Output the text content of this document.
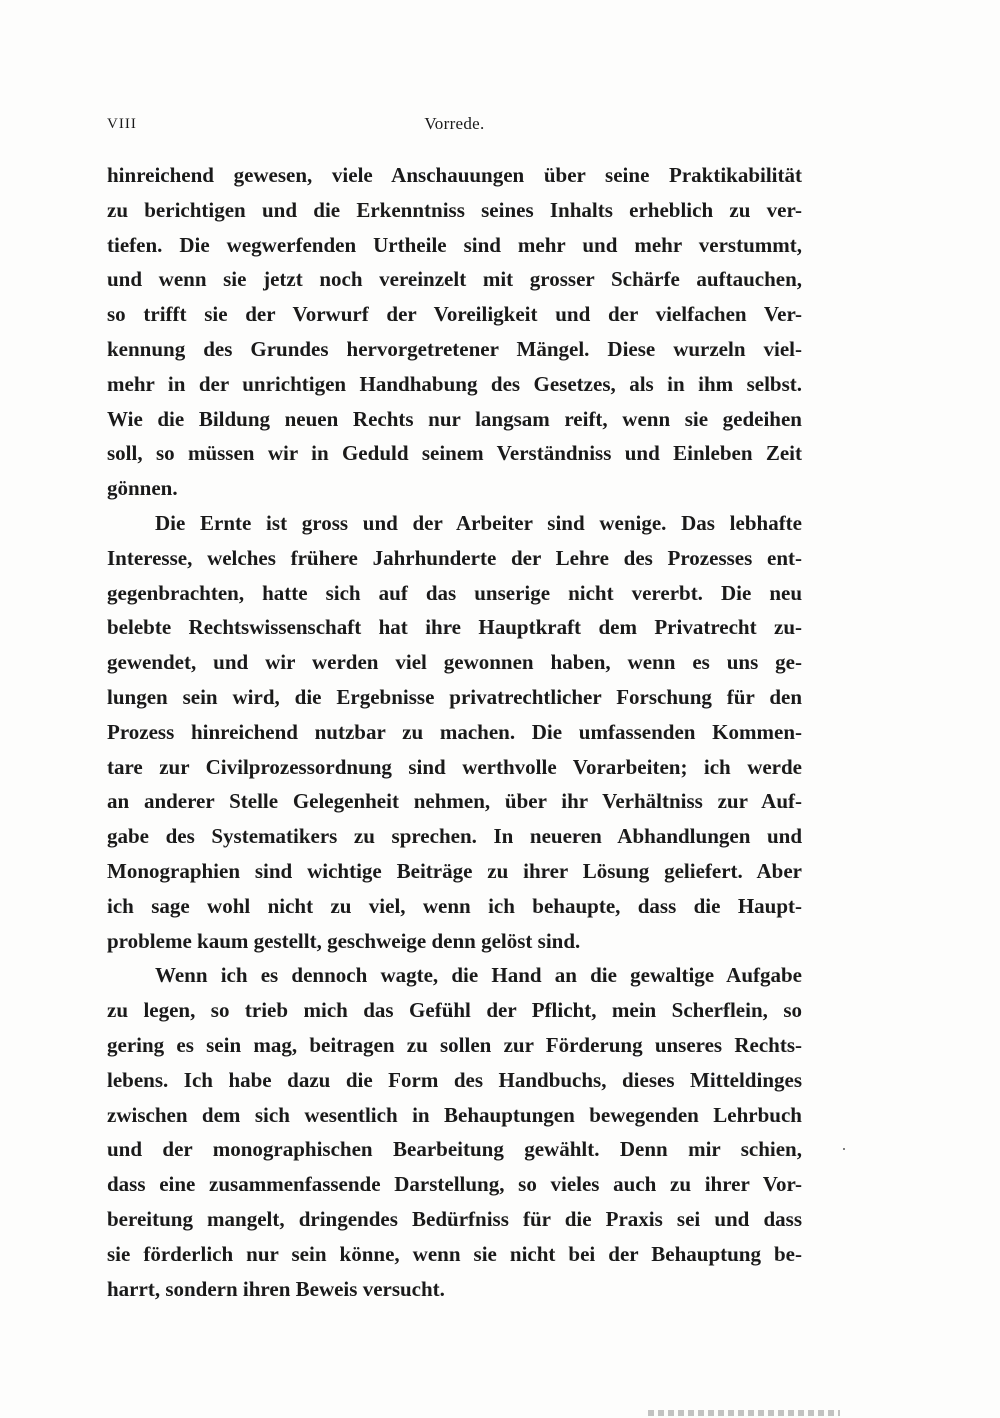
VIII	Vorrede.
hinreichend gewesen, viele Anschauungen über seine Praktikabilität
zu berichtigen und die Erkenntniss seines Inhalts erheblich zu ver-
tiefen. Die wegwerfenden Urtheile sind mehr und mehr verstummt,
und wenn sie jetzt noch vereinzelt mit grosser Schärfe auftauchen,
so trifft sie der Vorwurf der Voreiligkeit und der vielfachen Ver-
kennung des Grundes hervorgetretener Mängel. Diese wurzeln viel-
mehr in der unrichtigen Handhabung des Gesetzes, als in ihm selbst.
Wie die Bildung neuen Rechts nur langsam reift, wenn sie gedeihen
soll, so müssen wir in Geduld seinem Verständniss und Einleben Zeit
gönnen.
Die Ernte ist gross und der Arbeiter sind wenige. Das lebhafte
Interesse, welches frühere Jahrhunderte der Lehre des Prozesses ent-
gegenbrachten, hatte sich auf das unserige nicht vererbt. Die neu
belebte Rechtswissenschaft hat ihre Hauptkraft dem Privatrecht zu-
gewendet, und wir werden viel gewonnen haben, wenn es uns ge-
lungen sein wird, die Ergebnisse privatrechtlicher Forschung für den
Prozess hinreichend nutzbar zu machen. Die umfassenden Kommen-
tare zur Civilprozessordnung sind werthvolle Vorarbeiten; ich werde
an anderer Stelle Gelegenheit nehmen, über ihr Verhältniss zur Auf-
gabe des Systematikers zu sprechen. In neueren Abhandlungen und
Monographien sind wichtige Beiträge zu ihrer Lösung geliefert. Aber
ich sage wohl nicht zu viel, wenn ich behaupte, dass die Haupt-
probleme kaum gestellt, geschweige denn gelöst sind.
Wenn ich es dennoch wagte, die Hand an die gewaltige Aufgabe
zu legen, so trieb mich das Gefühl der Pflicht, mein Scherflein, so
gering es sein mag, beitragen zu sollen zur Förderung unseres Rechts-
lebens. Ich habe dazu die Form des Handbuchs, dieses Mitteldinges
zwischen dem sich wesentlich in Behauptungen bewegenden Lehrbuch
und der monographischen Bearbeitung gewählt. Denn mir schien,
dass eine zusammenfassende Darstellung, so vieles auch zu ihrer Vor-
bereitung mangelt, dringendes Bedürfniss für die Praxis sei und dass
sie förderlich nur sein könne, wenn sie nicht bei der Behauptung be-
harrt, sondern ihren Beweis versucht.
